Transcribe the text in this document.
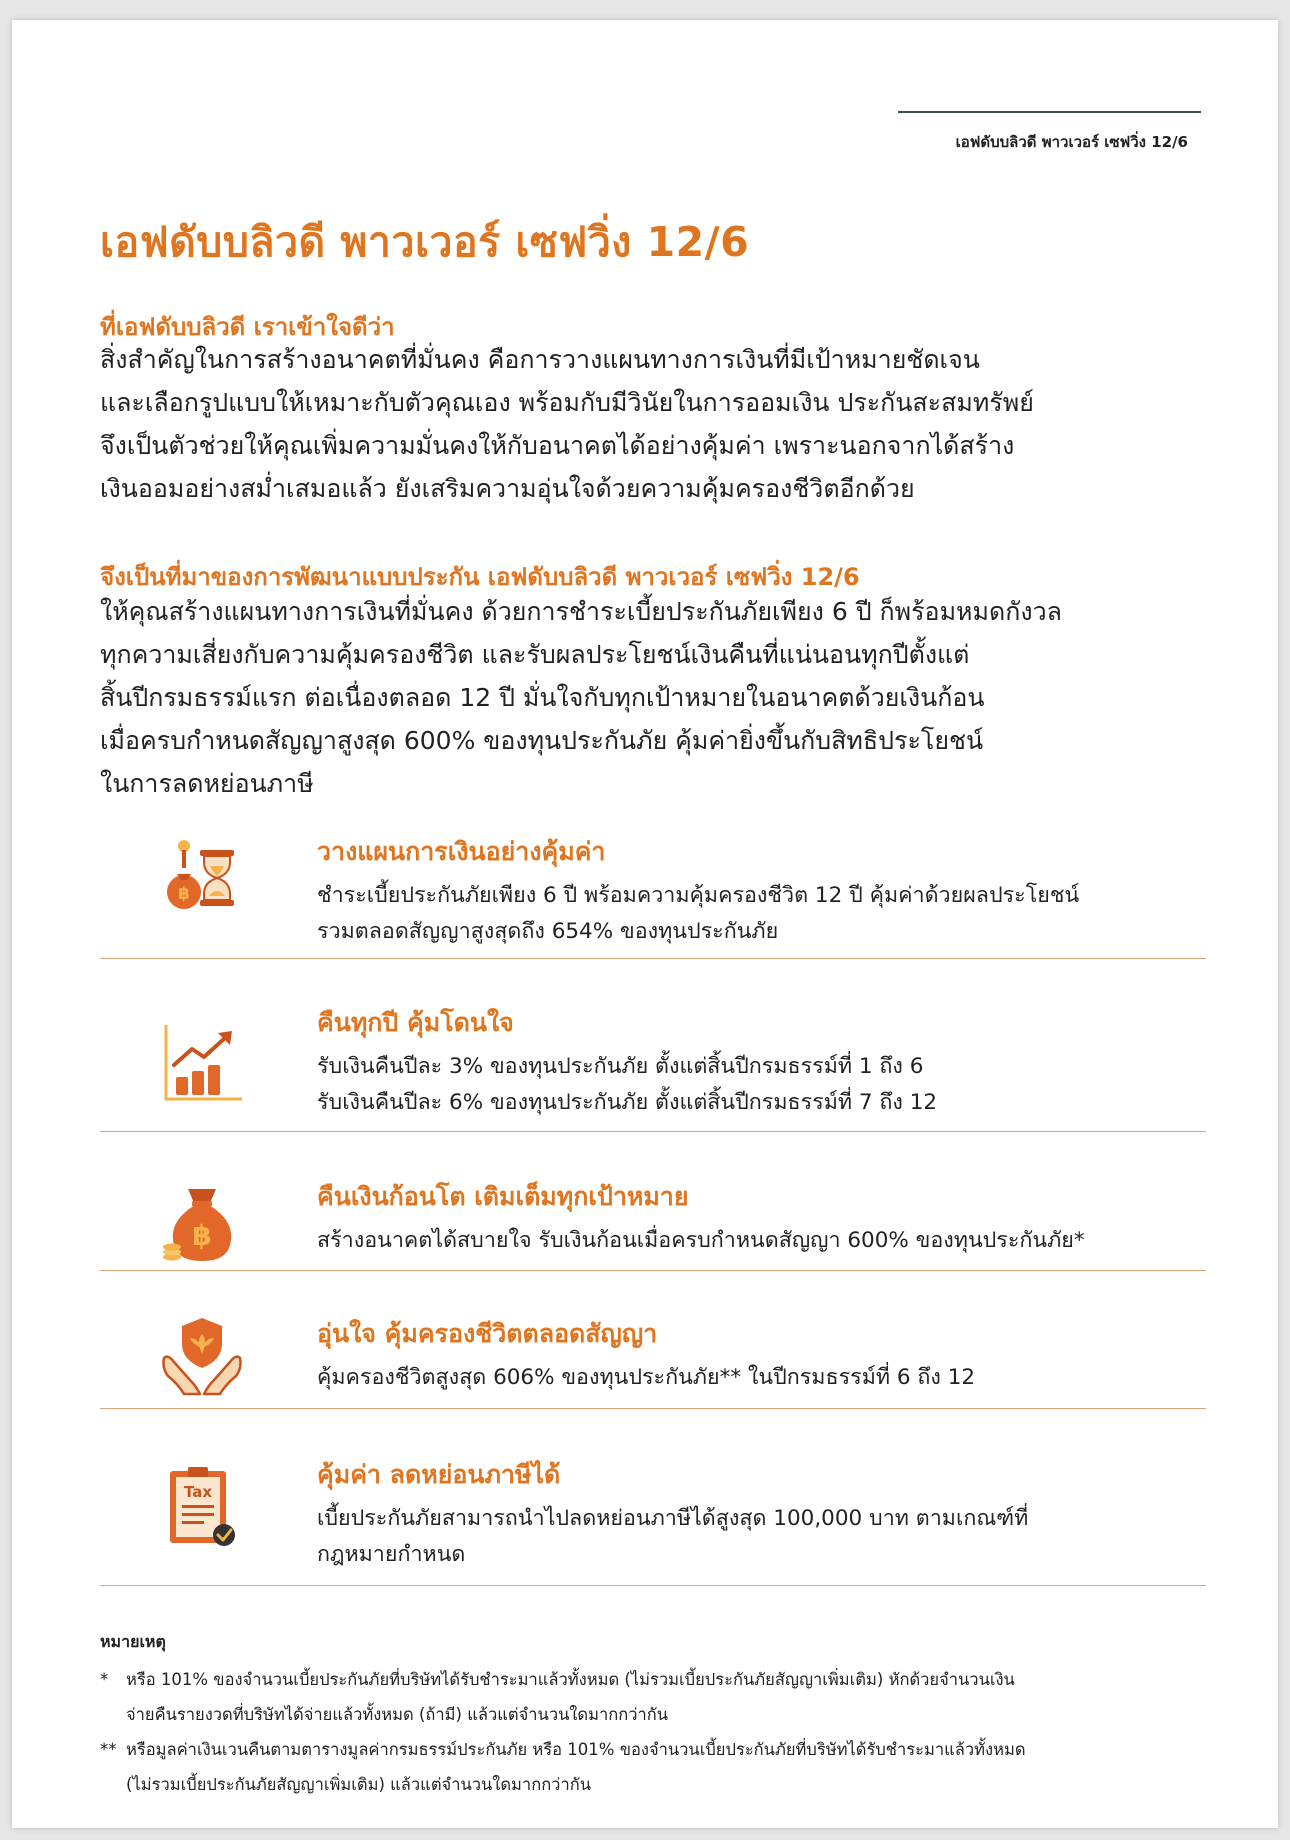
เอฟดับบลิวดี พาวเวอร์ เซฟวิ่ง 12/6
เอฟดับบลิวดี พาวเวอร์ เซฟวิ่ง 12/6
ที่เอฟดับบลิวดี เราเข้าใจดีว่า

สิ่งสำคัญในการสร้างอนาคตที่มั่นคง คือการวางแผนทางการเงินที่มีเป้าหมายชัดเจน

และเลือกรูปแบบให้เหมาะกับตัวคุณเอง พร้อมกับมีวินัยในการออมเงิน ประกันสะสมทรัพย์

จึงเป็นตัวช่วยให้คุณเพิ่มความมั่นคงให้กับอนาคตได้อย่างคุ้มค่า เพราะนอกจากได้สร้าง

เงินออมอย่างสม่ำเสมอแล้ว ยังเสริมความอุ่นใจด้วยความคุ้มครองชีวิตอีกด้วย

จึงเป็นที่มาของการพัฒนาแบบประกัน เอฟดับบลิวดี พาวเวอร์ เซฟวิ่ง 12/6

ให้คุณสร้างแผนทางการเงินที่มั่นคง ด้วยการชำระเบี้ยประกันภัยเพียง 6 ปี ก็พร้อมหมดกังวล

ทุกความเสี่ยงกับความคุ้มครองชีวิต และรับผลประโยชน์เงินคืนที่แน่นอนทุกปีตั้งแต่

สิ้นปีกรมธรรม์แรก ต่อเนื่องตลอด 12 ปี มั่นใจกับทุกเป้าหมายในอนาคตด้วยเงินก้อน

เมื่อครบกำหนดสัญญาสูงสุด 600% ของทุนประกันภัย คุ้มค่ายิ่งขึ้นกับสิทธิประโยชน์

ในการลดหย่อนภาษี

฿
วางแผนการเงินอย่างคุ้มค่า

ชำระเบี้ยประกันภัยเพียง 6 ปี พร้อมความคุ้มครองชีวิต 12 ปี คุ้มค่าด้วยผลประโยชน์

รวมตลอดสัญญาสูงสุดถึง 654% ของทุนประกันภัย

คืนทุกปี คุ้มโดนใจ

รับเงินคืนปีละ 3% ของทุนประกันภัย ตั้งแต่สิ้นปีกรมธรรม์ที่ 1 ถึง 6

รับเงินคืนปีละ 6% ของทุนประกันภัย ตั้งแต่สิ้นปีกรมธรรม์ที่ 7 ถึง 12

฿
คืนเงินก้อนโต เติมเต็มทุกเป้าหมาย

สร้างอนาคตได้สบายใจ รับเงินก้อนเมื่อครบกำหนดสัญญา 600% ของทุนประกันภัย*

อุ่นใจ คุ้มครองชีวิตตลอดสัญญา

คุ้มครองชีวิตสูงสุด 606% ของทุนประกันภัย** ในปีกรมธรรม์ที่ 6 ถึง 12

Tax
คุ้มค่า ลดหย่อนภาษีได้

เบี้ยประกันภัยสามารถนำไปลดหย่อนภาษีได้สูงสุด 100,000 บาท ตามเกณฑ์ที่

กฎหมายกำหนด

หมายเหตุ
* หรือ 101% ของจำนวนเบี้ยประกันภัยที่บริษัทได้รับชำระมาแล้วทั้งหมด (ไม่รวมเบี้ยประกันภัยสัญญาเพิ่มเติม) หักด้วยจำนวนเงิน

จ่ายคืนรายงวดที่บริษัทได้จ่ายแล้วทั้งหมด (ถ้ามี) แล้วแต่จำนวนใดมากกว่ากัน

** หรือมูลค่าเงินเวนคืนตามตารางมูลค่ากรมธรรม์ประกันภัย หรือ 101% ของจำนวนเบี้ยประกันภัยที่บริษัทได้รับชำระมาแล้วทั้งหมด

(ไม่รวมเบี้ยประกันภัยสัญญาเพิ่มเติม) แล้วแต่จำนวนใดมากกว่ากัน
